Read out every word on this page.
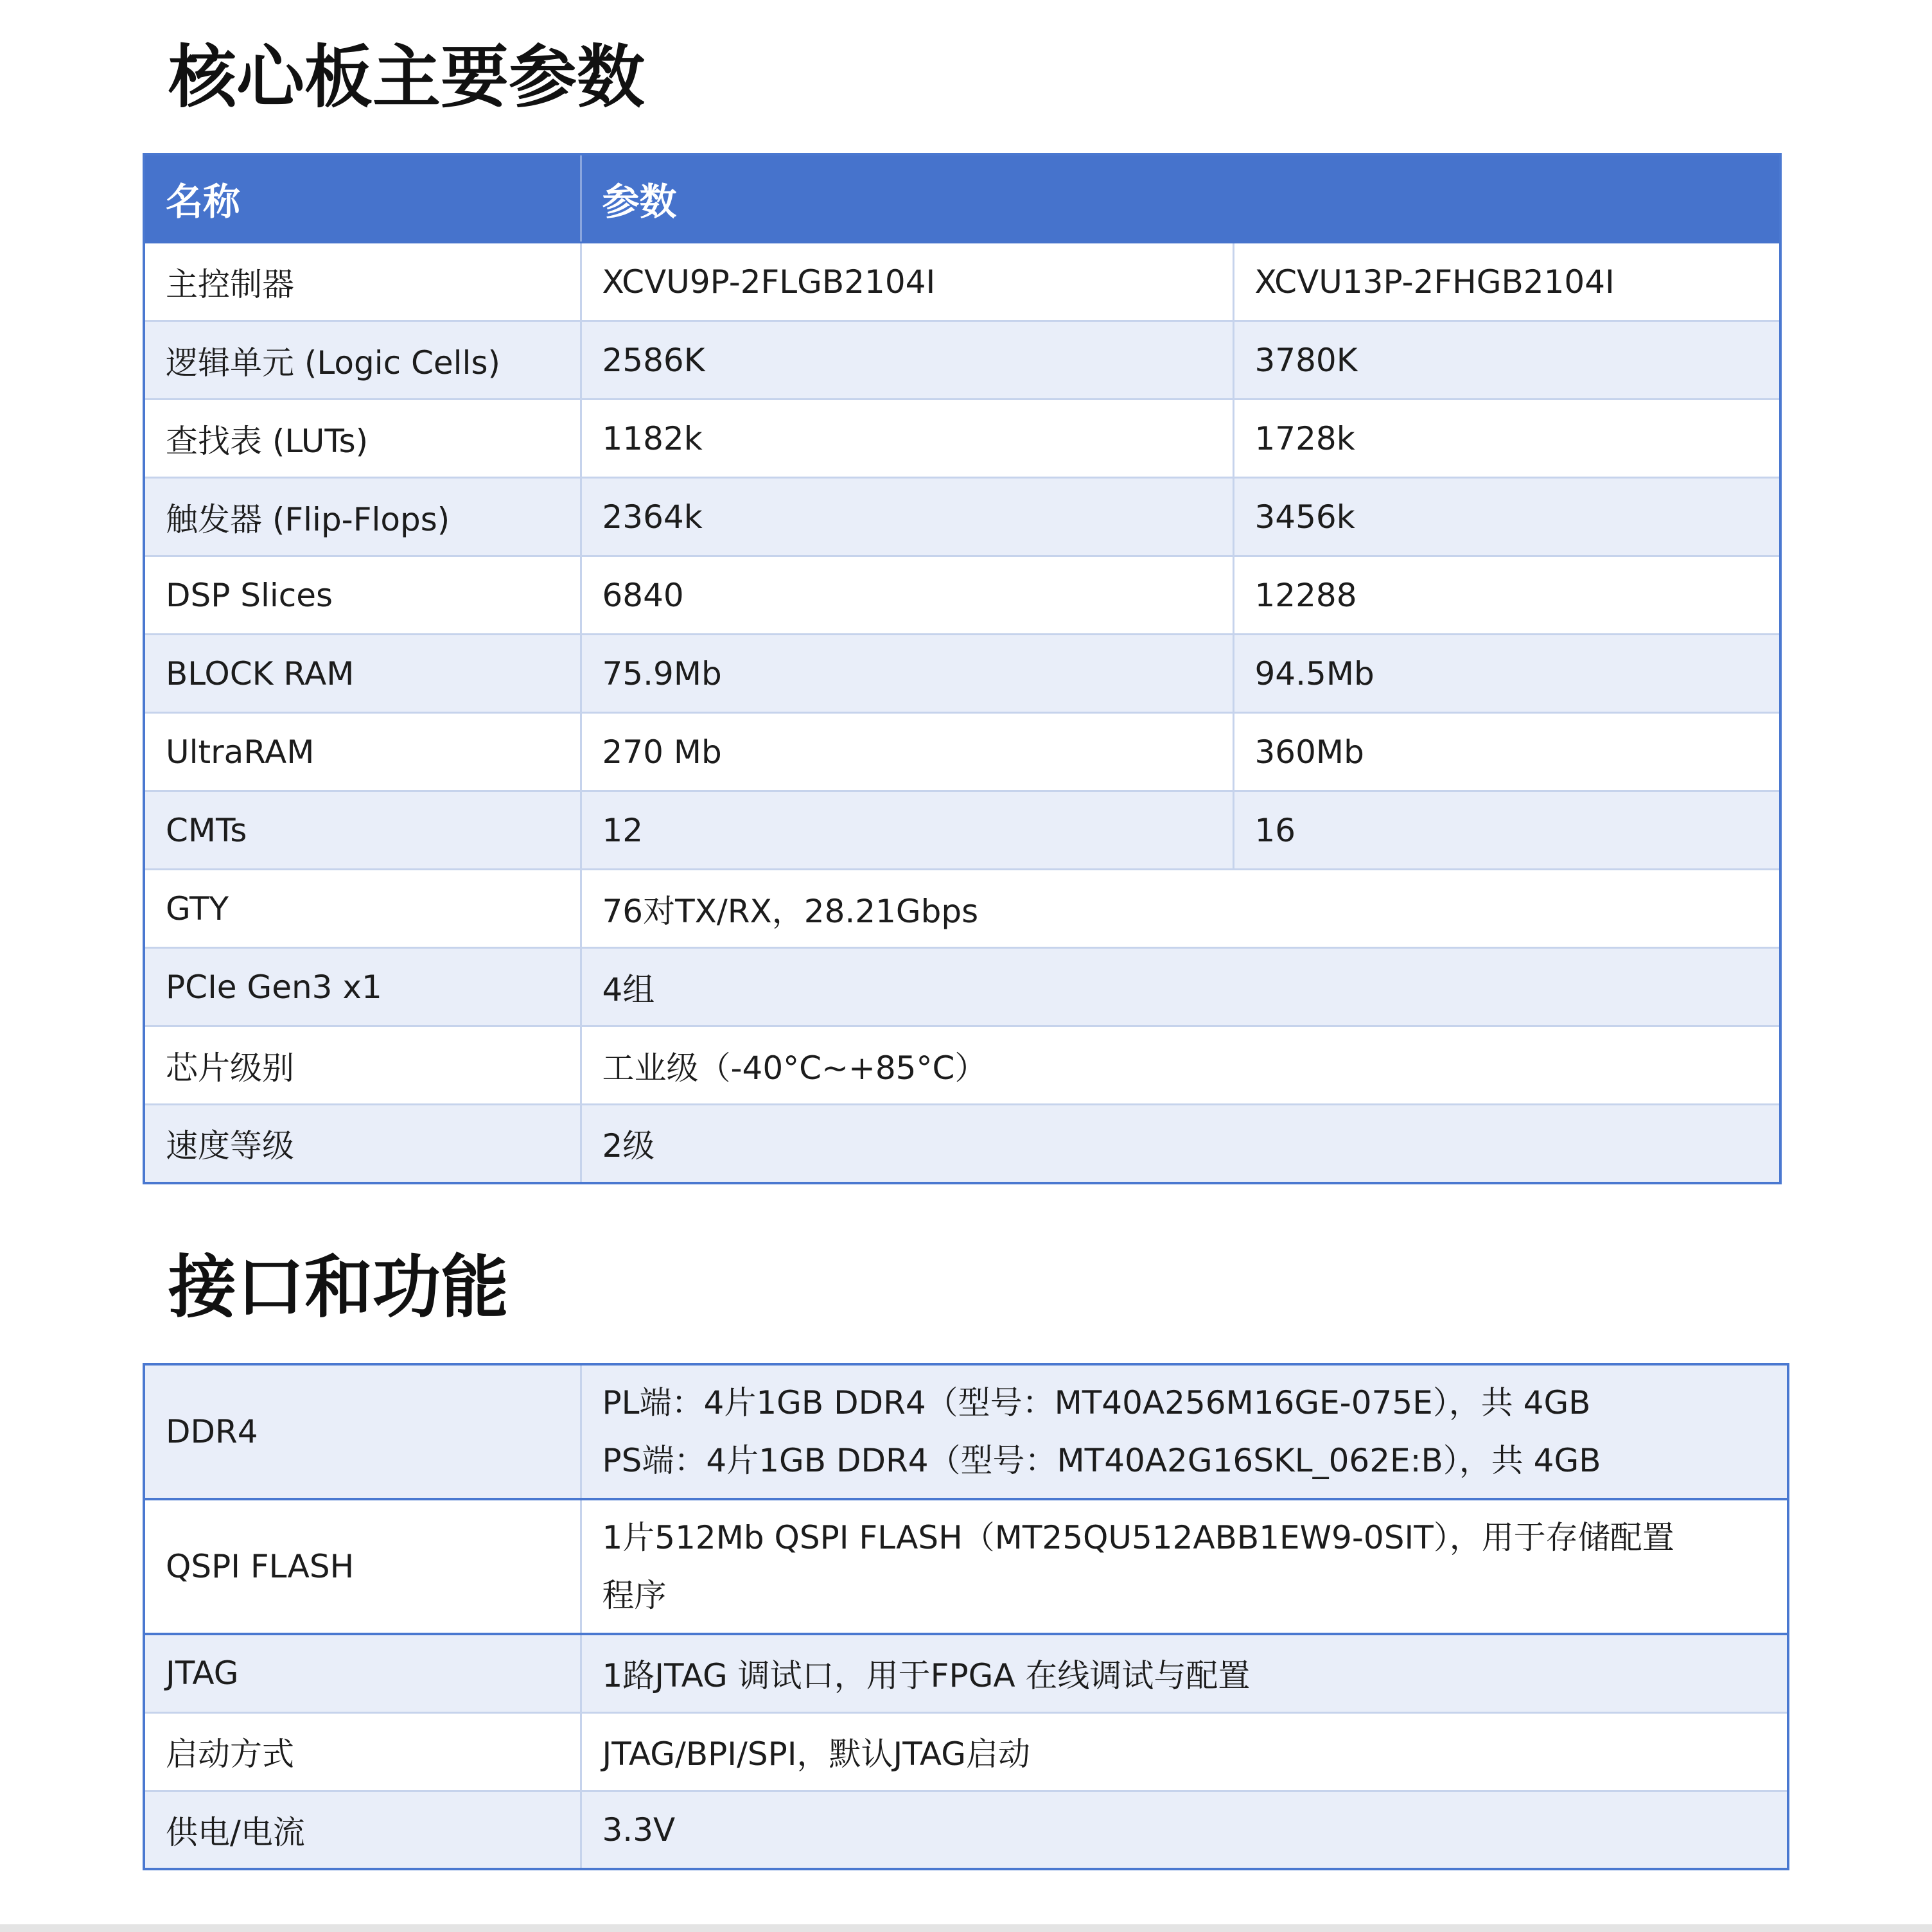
核心板主要参数
名称	参数	
主控制器	XCVU9P-2FLGB2104I	XCVU13P-2FHGB2104I
逻辑单元 (Logic Cells)	2586K	3780K
查找表 (LUTs)	1182k	1728k
触发器 (Flip-Flops)	2364k	3456k
DSP Slices	6840	12288
BLOCK RAM	75.9Mb	94.5Mb
UltraRAM	270 Mb	360Mb
CMTs	12	16
GTY	76对TX/RX，28.21Gbps	
PCIe Gen3 x1	4组	
芯片级别	工业级（-40°C~+85°C）	
速度等级	2级	
接口和功能
DDR4	PL端：4片1GB DDR4（型号：MT40A256M16GE-075E），共 4GB
PS端：4片1GB DDR4（型号：MT40A2G16SKL_062E:B），共 4GB

QSPI FLASH	1片512Mb QSPI FLASH（MT25QU512ABB1EW9-0SIT），用于存储配置
程序

JTAG	1路JTAG 调试口，用于FPGA 在线调试与配置
启动方式	JTAG/BPI/SPI，默认JTAG启动
供电/电流	3.3V
